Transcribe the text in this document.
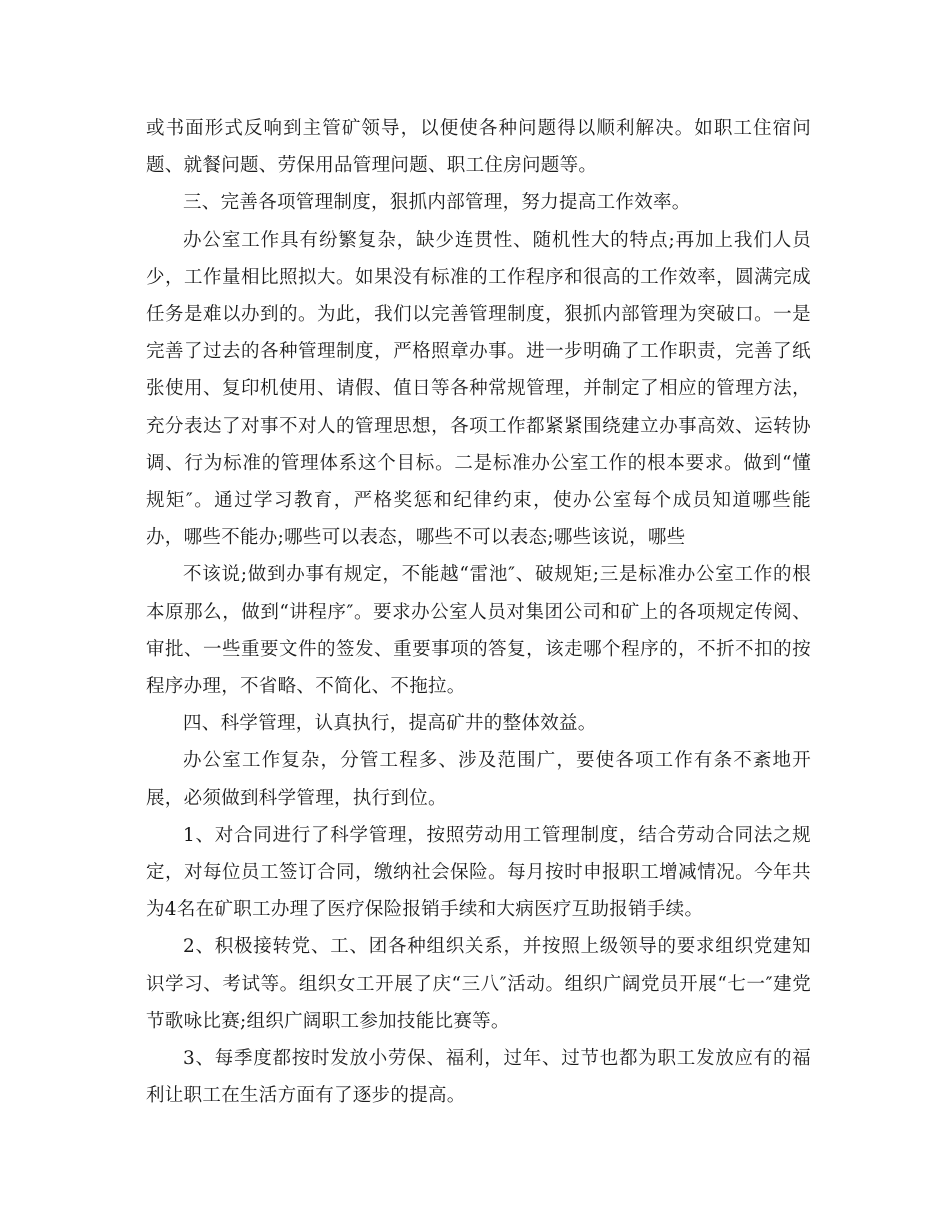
或书面形式反响到主管矿领导，以便使各种问题得以顺利解决。如职工住宿问题、就餐问题、劳保用品管理问题、职工住房问题等。

三、完善各项管理制度，狠抓内部管理，努力提高工作效率。

办公室工作具有纷繁复杂，缺少连贯性、随机性大的特点;再加上我们人员少，工作量相比照拟大。如果没有标准的工作程序和很高的工作效率，圆满完成任务是难以办到的。为此，我们以完善管理制度，狠抓内部管理为突破口。一是完善了过去的各种管理制度，严格照章办事。进一步明确了工作职责，完善了纸张使用、复印机使用、请假、值日等各种常规管理，并制定了相应的管理方法，充分表达了对事不对人的管理思想，各项工作都紧紧围绕建立办事高效、运转协调、行为标准的管理体系这个目标。二是标准办公室工作的根本要求。做到“懂规矩″。通过学习教育，严格奖惩和纪律约束，使办公室每个成员知道哪些能办，哪些不能办;哪些可以表态，哪些不可以表态;哪些该说，哪些

不该说;做到办事有规定，不能越“雷池″、破规矩;三是标准办公室工作的根本原那么，做到“讲程序″。要求办公室人员对集团公司和矿上的各项规定传阅、审批、一些重要文件的签发、重要事项的答复，该走哪个程序的，不折不扣的按程序办理，不省略、不简化、不拖拉。

四、科学管理，认真执行，提高矿井的整体效益。

办公室工作复杂，分管工程多、涉及范围广，要使各项工作有条不紊地开展，必须做到科学管理，执行到位。

1、对合同进行了科学管理，按照劳动用工管理制度，结合劳动合同法之规定，对每位员工签订合同，缴纳社会保险。每月按时申报职工增减情况。今年共为4名在矿职工办理了医疗保险报销手续和大病医疗互助报销手续。

2、积极接转党、工、团各种组织关系，并按照上级领导的要求组织党建知识学习、考试等。组织女工开展了庆“三八″活动。组织广阔党员开展“七一″建党节歌咏比赛;组织广阔职工参加技能比赛等。

3、每季度都按时发放小劳保、福利，过年、过节也都为职工发放应有的福利让职工在生活方面有了逐步的提高。
